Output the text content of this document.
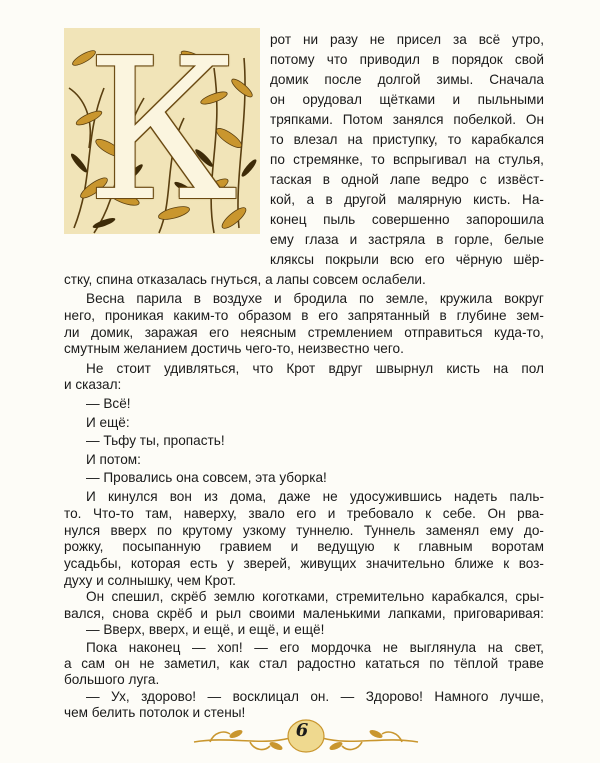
К	рот ни разу не присел за всё утро,
потому что приводил в порядок свой
домик после долгой зимы. Сначала
он орудовал щётками и пыльными
тряпками. Потом занялся побелкой. Он
то влезал на приступку, то карабкался
по стремянке, то вспрыгивал на стулья,
таская в одной лапе ведро с извёст-
кой, а в другой малярную кисть. На-
конец пыль совершенно запорошила
ему глаза и застряла в горле, белые
кляксы покрыли всю его чёрную шёр-
стку, спина отказалась гнуться, а лапы совсем ослабели.
Весна парила в воздухе и бродила по земле, кружила вокруг
него, проникая каким-то образом в его запрятанный в глубине зем-
ли домик, заражая его неясным стремлением отправиться куда-то,
смутным желанием достичь чего-то, неизвестно чего.
Не стоит удивляться, что Крот вдруг швырнул кисть на пол
и сказал:
— Всё!
И ещё:
— Тьфу ты, пропасть!
И потом:
— Провались она совсем, эта уборка!
И кинулся вон из дома, даже не удосужившись надеть паль-
то. Что-то там, наверху, звало его и требовало к себе. Он рва-
нулся вверх по крутому узкому туннелю. Туннель заменял ему до-
рожку, посыпанную гравием и ведущую к главным воротам
усадьбы, которая есть у зверей, живущих значительно ближе к воз-
духу и солнышку, чем Крот.
Он спешил, скрёб землю коготками, стремительно карабкался, сры-
вался, снова скрёб и рыл своими маленькими лапками, приговаривая:
— Вверх, вверх, и ещё, и ещё, и ещё!
Пока наконец — хоп! — его мордочка не выглянула на свет,
а сам он не заметил, как стал радостно кататься по тёплой траве
большого луга.
— Ух, здорово! — восклицал он. — Здорово! Намного лучше,
чем белить потолок и стены!
6
